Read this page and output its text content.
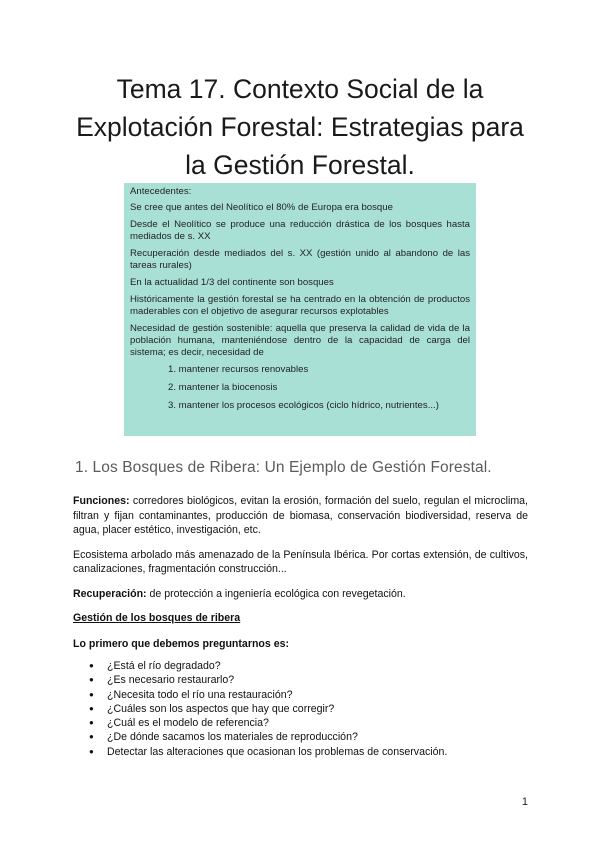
Tema 17. Contexto Social de la
Explotación Forestal: Estrategias para
la Gestión Forestal.

Antecedentes:

Se cree que antes del Neolítico el 80% de Europa era bosque

Desde el Neolítico se produce una reducción drástica de los bosques hasta mediados de s. XX

Recuperación desde mediados del s. XX (gestión unido al abandono de las tareas rurales)

En la actualidad 1/3 del continente son bosques

Históricamente la gestión forestal se ha centrado en la obtención de productos maderables con el objetivo de asegurar recursos explotables

Necesidad de gestión sostenible: aquella que preserva la calidad de vida de la población humana, manteniéndose dentro de la capacidad de carga del sistema; es decir, necesidad de

1. mantener recursos renovables

2. mantener la biocenosis

3. mantener los procesos ecológicos (ciclo hídrico, nutrientes...)

1. Los Bosques de Ribera: Un Ejemplo de Gestión Forestal.

Funciones: corredores biológicos, evitan la erosión, formación del suelo, regulan el microclima, filtran y fijan contaminantes, producción de biomasa, conservación biodiversidad, reserva de agua, placer estético, investigación, etc.

Ecosistema arbolado más amenazado de la Península Ibérica. Por cortas extensión, de cultivos, canalizaciones, fragmentación construcción...

Recuperación: de protección a ingeniería ecológica con revegetación.

Gestión de los bosques de ribera

Lo primero que debemos preguntarnos es:

● ¿Está el río degradado?
● ¿Es necesario restaurarlo?
● ¿Necesita todo el río una restauración?
● ¿Cuáles son los aspectos que hay que corregir?
● ¿Cuál es el modelo de referencia?
● ¿De dónde sacamos los materiales de reproducción?
● Detectar las alteraciones que ocasionan los problemas de conservación.
1
